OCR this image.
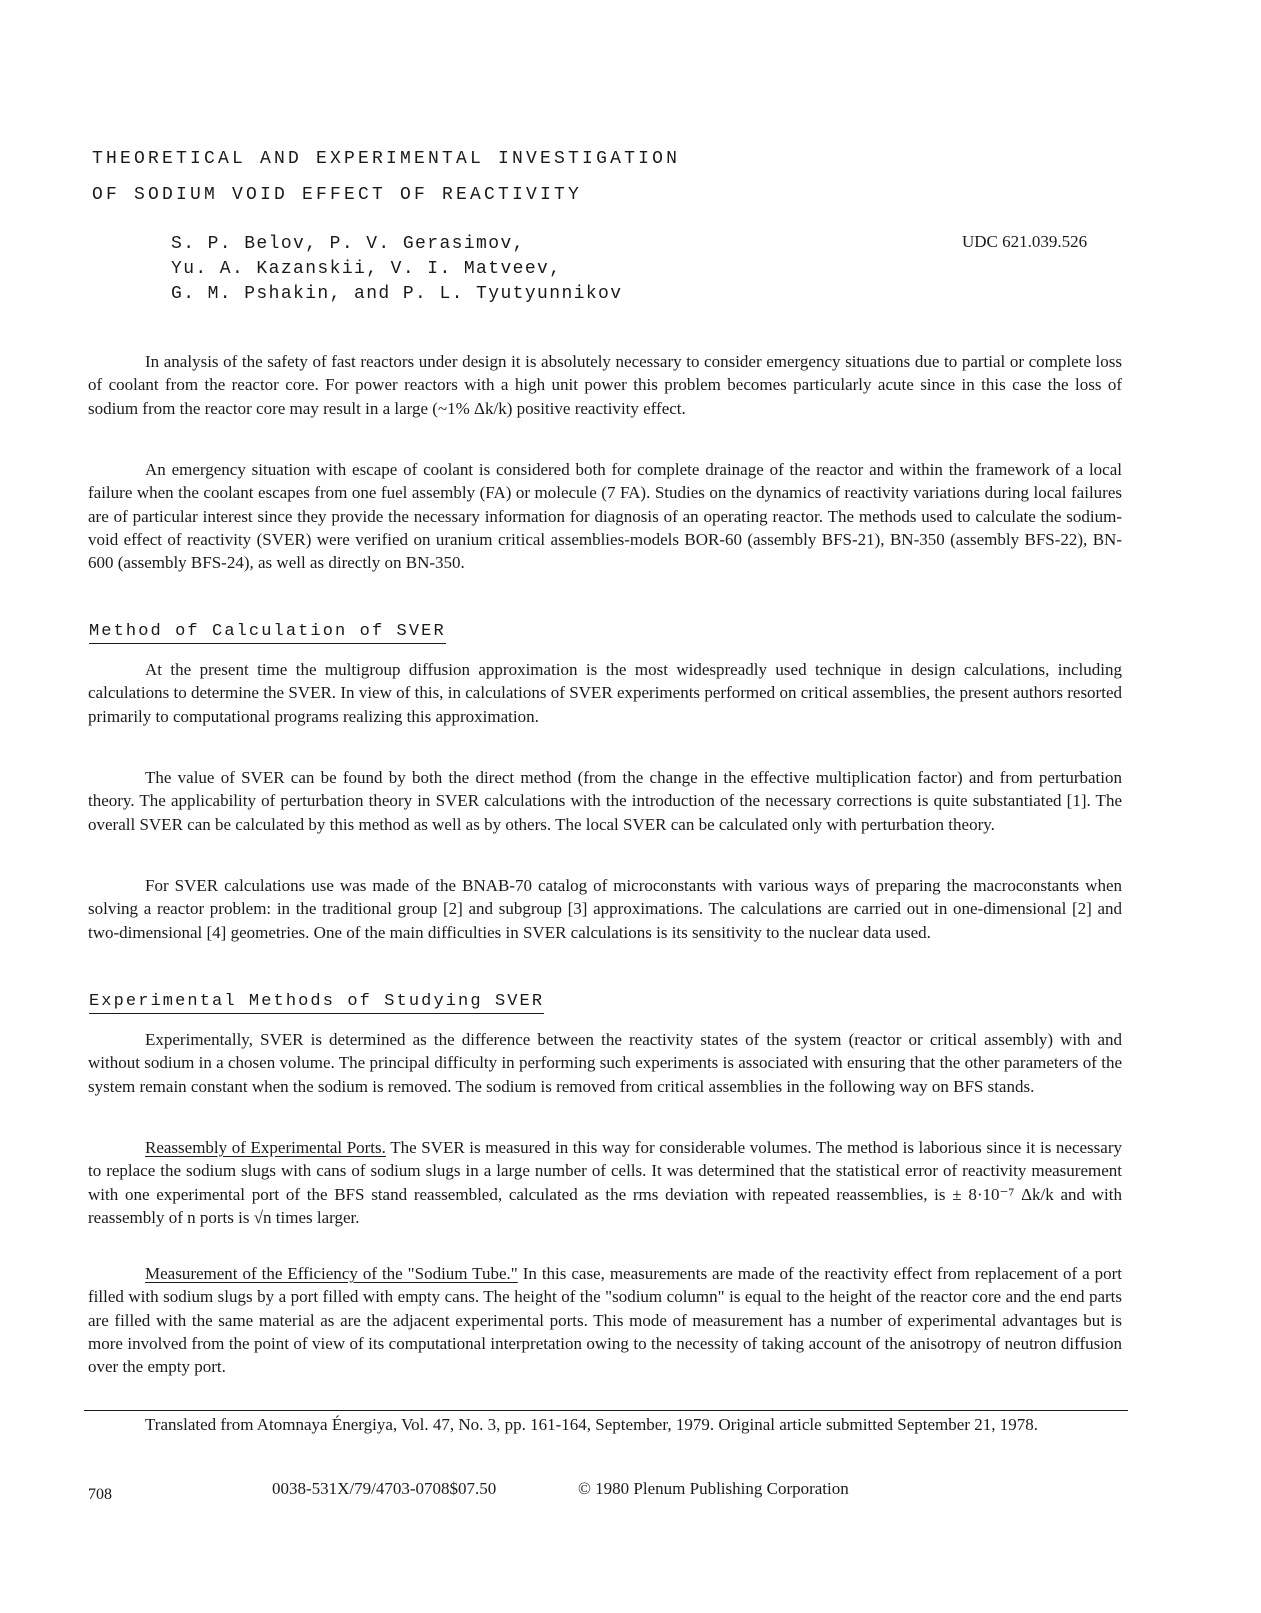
THEORETICAL AND EXPERIMENTAL INVESTIGATION
OF SODIUM VOID EFFECT OF REACTIVITY
S. P. Belov, P. V. Gerasimov,
Yu. A. Kazanskii, V. I. Matveev,
G. M. Pshakin, and P. L. Tyutyunnikov
UDC 621.039.526

In analysis of the safety of fast reactors under design it is absolutely necessary to consider emergency situations due to partial or complete loss of coolant from the reactor core. For power reactors with a high unit power this problem becomes particularly acute since in this case the loss of sodium from the reactor core may result in a large (~1% Δk/k) positive reactivity effect.

An emergency situation with escape of coolant is considered both for complete drainage of the reactor and within the framework of a local failure when the coolant escapes from one fuel assembly (FA) or molecule (7 FA). Studies on the dynamics of reactivity variations during local failures are of particular interest since they provide the necessary information for diagnosis of an operating reactor. The methods used to calculate the sodium-void effect of reactivity (SVER) were verified on uranium critical assemblies-models BOR-60 (assembly BFS-21), BN-350 (assembly BFS-22), BN-600 (assembly BFS-24), as well as directly on BN-350.

Method of Calculation of SVER

At the present time the multigroup diffusion approximation is the most widespreadly used technique in design calculations, including calculations to determine the SVER. In view of this, in calculations of SVER experiments performed on critical assemblies, the present authors resorted primarily to computational programs realizing this approximation.

The value of SVER can be found by both the direct method (from the change in the effective multiplication factor) and from perturbation theory. The applicability of perturbation theory in SVER calculations with the introduction of the necessary corrections is quite substantiated [1]. The overall SVER can be calculated by this method as well as by others. The local SVER can be calculated only with perturbation theory.

For SVER calculations use was made of the BNAB-70 catalog of microconstants with various ways of preparing the macroconstants when solving a reactor problem: in the traditional group [2] and subgroup [3] approximations. The calculations are carried out in one-dimensional [2] and two-dimensional [4] geometries. One of the main difficulties in SVER calculations is its sensitivity to the nuclear data used.

Experimental Methods of Studying SVER

Experimentally, SVER is determined as the difference between the reactivity states of the system (reactor or critical assembly) with and without sodium in a chosen volume. The principal difficulty in performing such experiments is associated with ensuring that the other parameters of the system remain constant when the sodium is removed. The sodium is removed from critical assemblies in the following way on BFS stands.

Reassembly of Experimental Ports. The SVER is measured in this way for considerable volumes. The method is laborious since it is necessary to replace the sodium slugs with cans of sodium slugs in a large number of cells. It was determined that the statistical error of reactivity measurement with one experimental port of the BFS stand reassembled, calculated as the rms deviation with repeated reassemblies, is ± 8·10⁻⁷ Δk/k and with reassembly of n ports is √n times larger.

Measurement of the Efficiency of the "Sodium Tube." In this case, measurements are made of the reactivity effect from replacement of a port filled with sodium slugs by a port filled with empty cans. The height of the "sodium column" is equal to the height of the reactor core and the end parts are filled with the same material as are the adjacent experimental ports. This mode of measurement has a number of experimental advantages but is more involved from the point of view of its computational interpretation owing to the necessity of taking account of the anisotropy of neutron diffusion over the empty port.

Translated from Atomnaya Énergiya, Vol. 47, No. 3, pp. 161-164, September, 1979. Original article submitted September 21, 1978.

708	0038-531X/79/4703-0708$07.50	© 1980 Plenum Publishing Corporation
